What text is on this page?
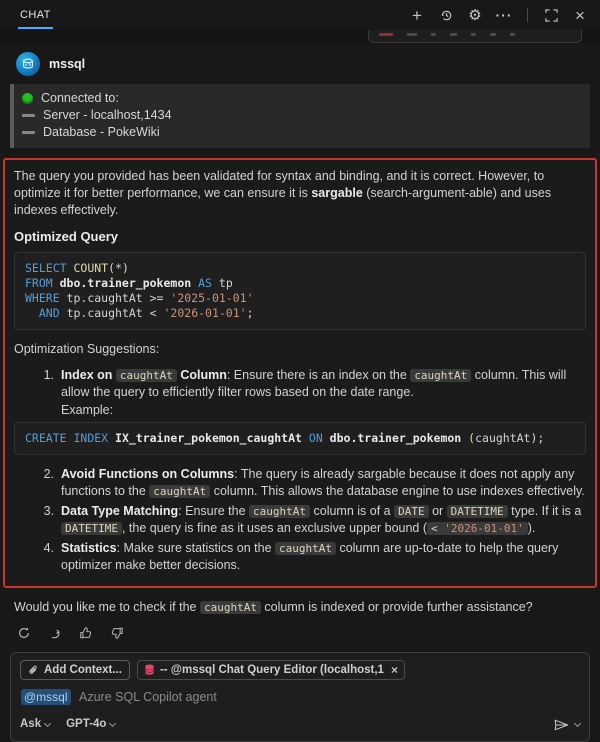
CHAT	+	⚙ ···	×
mssql
Connected to:
Server - localhost,1434
Database - PokeWiki
The query you provided has been validated for syntax and binding, and it is correct. However, to optimize it for better performance, we can ensure it is sargable (search-argument-able) and uses indexes effectively.
Optimized Query
SELECT COUNT(*)
FROM dbo.trainer_pokemon AS tp
WHERE tp.caughtAt >= '2025-01-01'
AND tp.caughtAt < '2026-01-01';
Optimization Suggestions:
1. Index on caughtAt Column: Ensure there is an index on the caughtAt column. This will allow the query to efficiently filter rows based on the date range.
Example:
CREATE INDEX IX_trainer_pokemon_caughtAt ON dbo.trainer_pokemon (caughtAt);
2. Avoid Functions on Columns: The query is already sargable because it does not apply any functions to the caughtAt column. This allows the database engine to use indexes effectively.
3. Data Type Matching: Ensure the caughtAt column is of a DATE or DATETIME type. If it is a DATETIME , the query is fine as it uses an exclusive upper bound ( < '2026-01-01' ).
4. Statistics: Make sure statistics on the caughtAt column are up-to-date to help the query optimizer make better decisions.
Would you like me to check if the caughtAt column is indexed or provide further assistance?
Add Context...	-- @mssql Chat Query Editor (localhost,1 ×
@mssql Azure SQL Copilot agent
Ask GPT-4o
